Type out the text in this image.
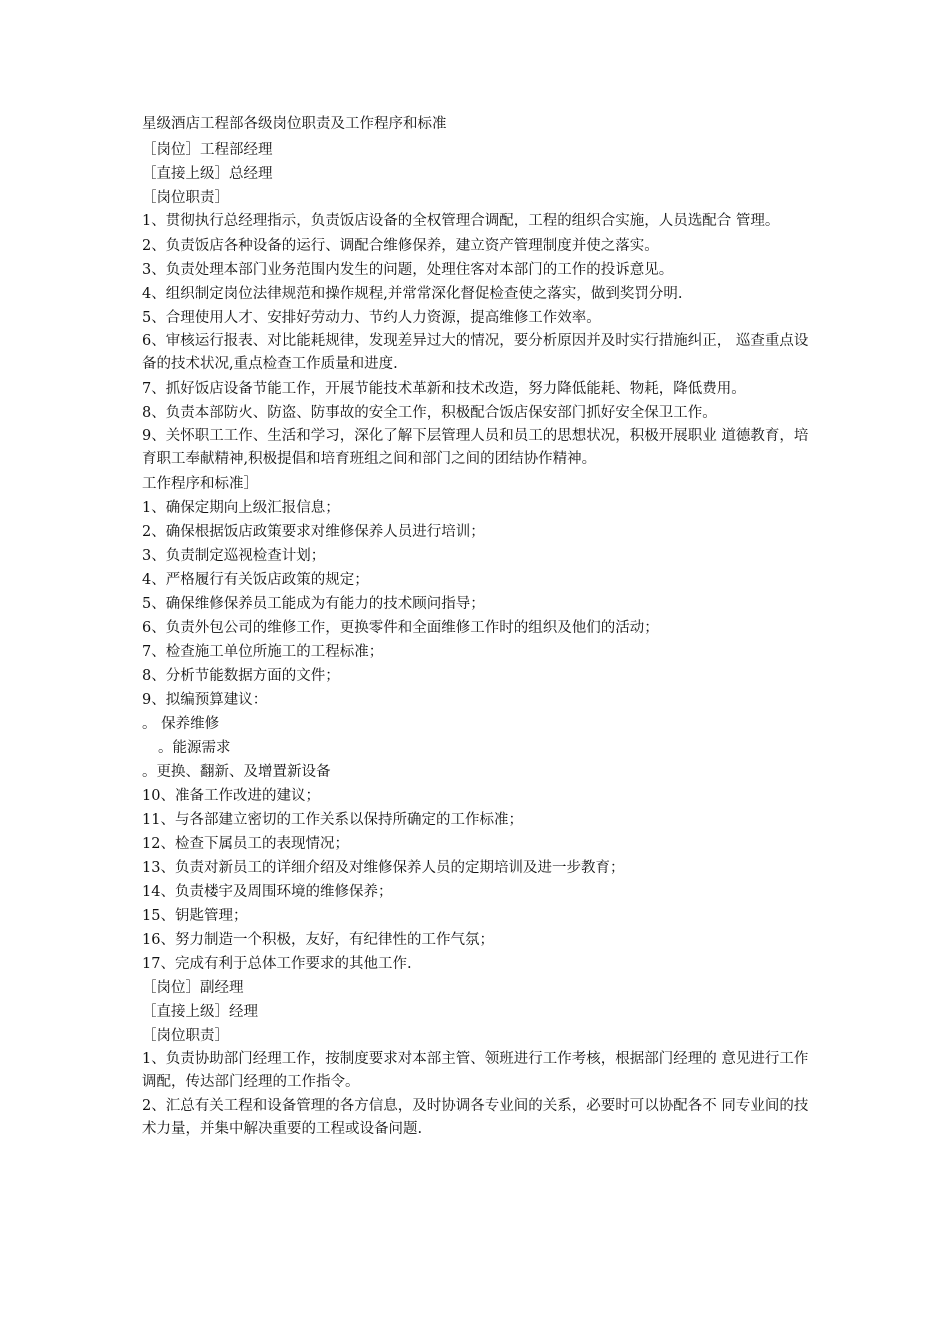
星级酒店工程部各级岗位职责及工作程序和标准
［岗位］工程部经理
［直接上级］总经理
［岗位职责］
1、贯彻执行总经理指示，负责饭店设备的全权管理合调配，工程的组织合实施，人员选配合 管理。
2、负责饭店各种设备的运行、调配合维修保养，建立资产管理制度并使之落实。
3、负责处理本部门业务范围内发生的问题，处理住客对本部门的工作的投诉意见。
4、组织制定岗位法律规范和操作规程,并常常深化督促检查使之落实，做到奖罚分明.
5、合理使用人才、安排好劳动力、节约人力资源，提高维修工作效率。
6、审核运行报表、对比能耗规律，发现差异过大的情况，要分析原因并及时实行措施纠正， 巡查重点设备的技术状况,重点检查工作质量和进度.
7、抓好饭店设备节能工作，开展节能技术革新和技术改造，努力降低能耗、物耗，降低费用。
8、负责本部防火、防盗、防事故的安全工作，积极配合饭店保安部门抓好安全保卫工作。
9、关怀职工工作、生活和学习，深化了解下层管理人员和员工的思想状况，积极开展职业 道德教育，培育职工奉献精神,积极提倡和培育班组之间和部门之间的团结协作精神。
工作程序和标准］
1、确保定期向上级汇报信息；
2、确保根据饭店政策要求对维修保养人员进行培训；
3、负责制定巡视检查计划；
4、严格履行有关饭店政策的规定；
5、确保维修保养员工能成为有能力的技术顾问指导；
6、负责外包公司的维修工作，更换零件和全面维修工作时的组织及他们的活动；
7、检查施工单位所施工的工程标准；
8、分析节能数据方面的文件；
9、拟编预算建议：
。 保养维修
。能源需求
。更换、翻新、及增置新设备
10、准备工作改进的建议；
11、与各部建立密切的工作关系以保持所确定的工作标准；
12、检查下属员工的表现情况；
13、负责对新员工的详细介绍及对维修保养人员的定期培训及进一步教育；
14、负责楼宇及周围环境的维修保养；
15、钥匙管理；
16、努力制造一个积极，友好，有纪律性的工作气氛；
17、完成有利于总体工作要求的其他工作.
［岗位］副经理
［直接上级］经理
［岗位职责］
1、负责协助部门经理工作，按制度要求对本部主管、领班进行工作考核，根据部门经理的 意见进行工作调配，传达部门经理的工作指令。
2、汇总有关工程和设备管理的各方信息，及时协调各专业间的关系，必要时可以协配各不 同专业间的技术力量，并集中解决重要的工程或设备问题.
